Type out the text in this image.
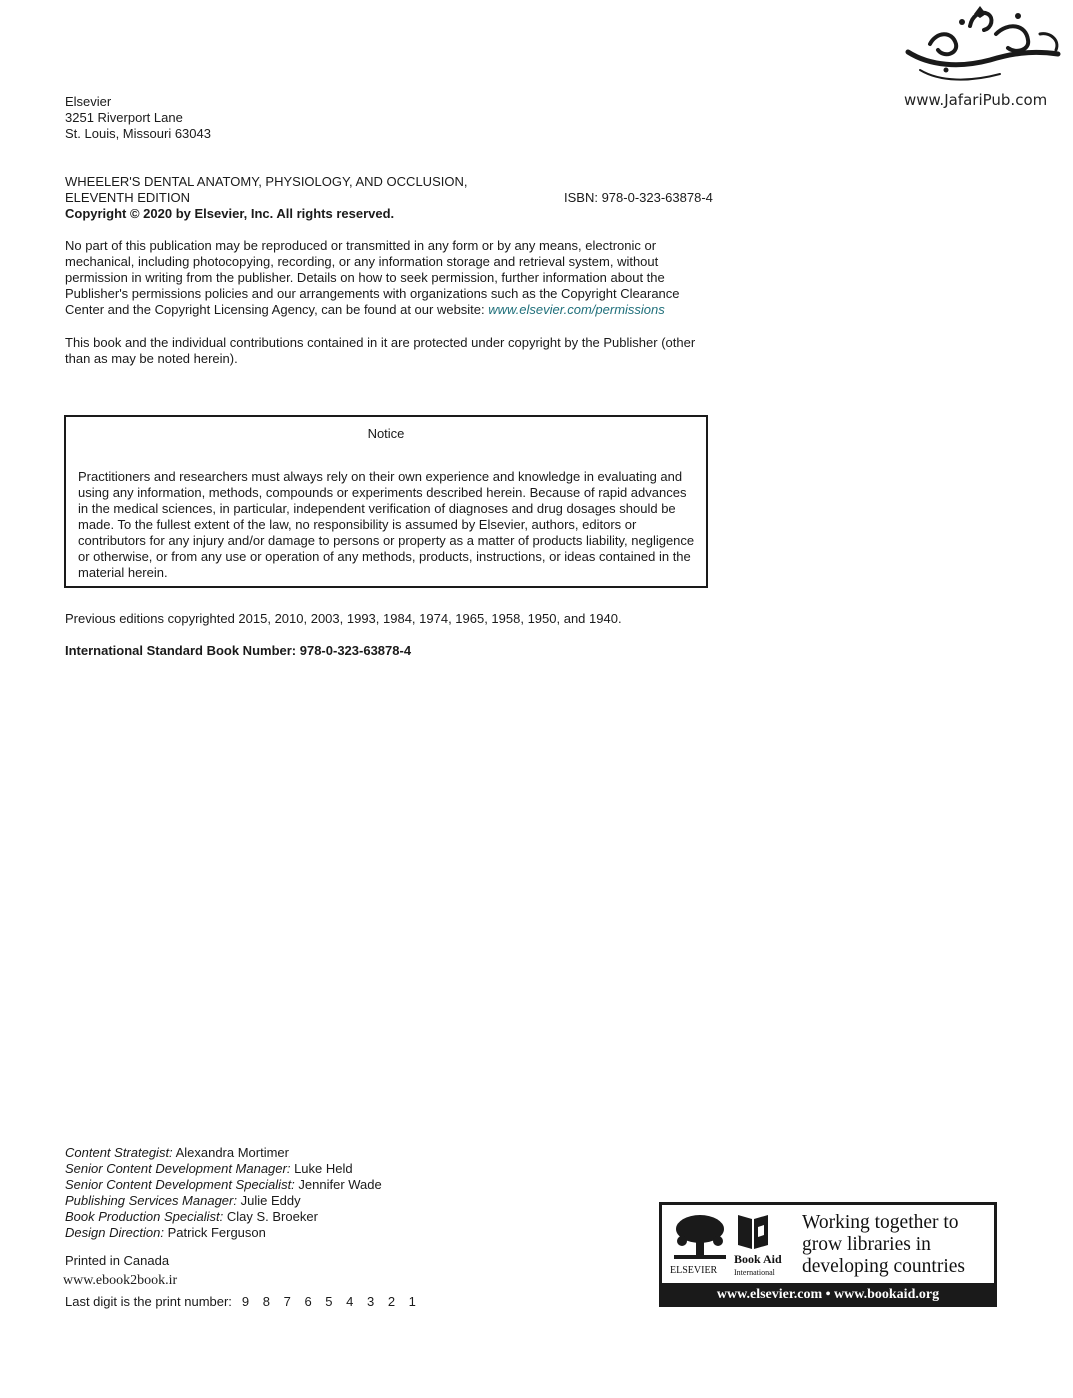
Elsevier
3251 Riverport Lane
St. Louis, Missouri 63043
WHEELER'S DENTAL ANATOMY, PHYSIOLOGY, AND OCCLUSION,
ELEVENTH EDITION
Copyright © 2020 by Elsevier, Inc. All rights reserved.
ISBN: 978-0-323-63878-4
No part of this publication may be reproduced or transmitted in any form or by any means, electronic or mechanical, including photocopying, recording, or any information storage and retrieval system, without permission in writing from the publisher. Details on how to seek permission, further information about the Publisher's permissions policies and our arrangements with organizations such as the Copyright Clearance Center and the Copyright Licensing Agency, can be found at our website: www.elsevier.com/permissions
This book and the individual contributions contained in it are protected under copyright by the Publisher (other than as may be noted herein).
Notice
Practitioners and researchers must always rely on their own experience and knowledge in evaluating and using any information, methods, compounds or experiments described herein. Because of rapid advances in the medical sciences, in particular, independent verification of diagnoses and drug dosages should be made. To the fullest extent of the law, no responsibility is assumed by Elsevier, authors, editors or contributors for any injury and/or damage to persons or property as a matter of products liability, negligence or otherwise, or from any use or operation of any methods, products, instructions, or ideas contained in the material herein.
Previous editions copyrighted 2015, 2010, 2003, 1993, 1984, 1974, 1965, 1958, 1950, and 1940.
International Standard Book Number: 978-0-323-63878-4
Content Strategist: Alexandra Mortimer
Senior Content Development Manager: Luke Held
Senior Content Development Specialist: Jennifer Wade
Publishing Services Manager: Julie Eddy
Book Production Specialist: Clay S. Broeker
Design Direction: Patrick Ferguson
Printed in Canada
www.ebook2book.ir
Last digit is the print number: 9 8 7 6 5 4 3 2 1
www.JafariPub.com
ELSEVIER
Book Aid
International
Working together to grow libraries in developing countries
www.elsevier.com • www.bookaid.org
